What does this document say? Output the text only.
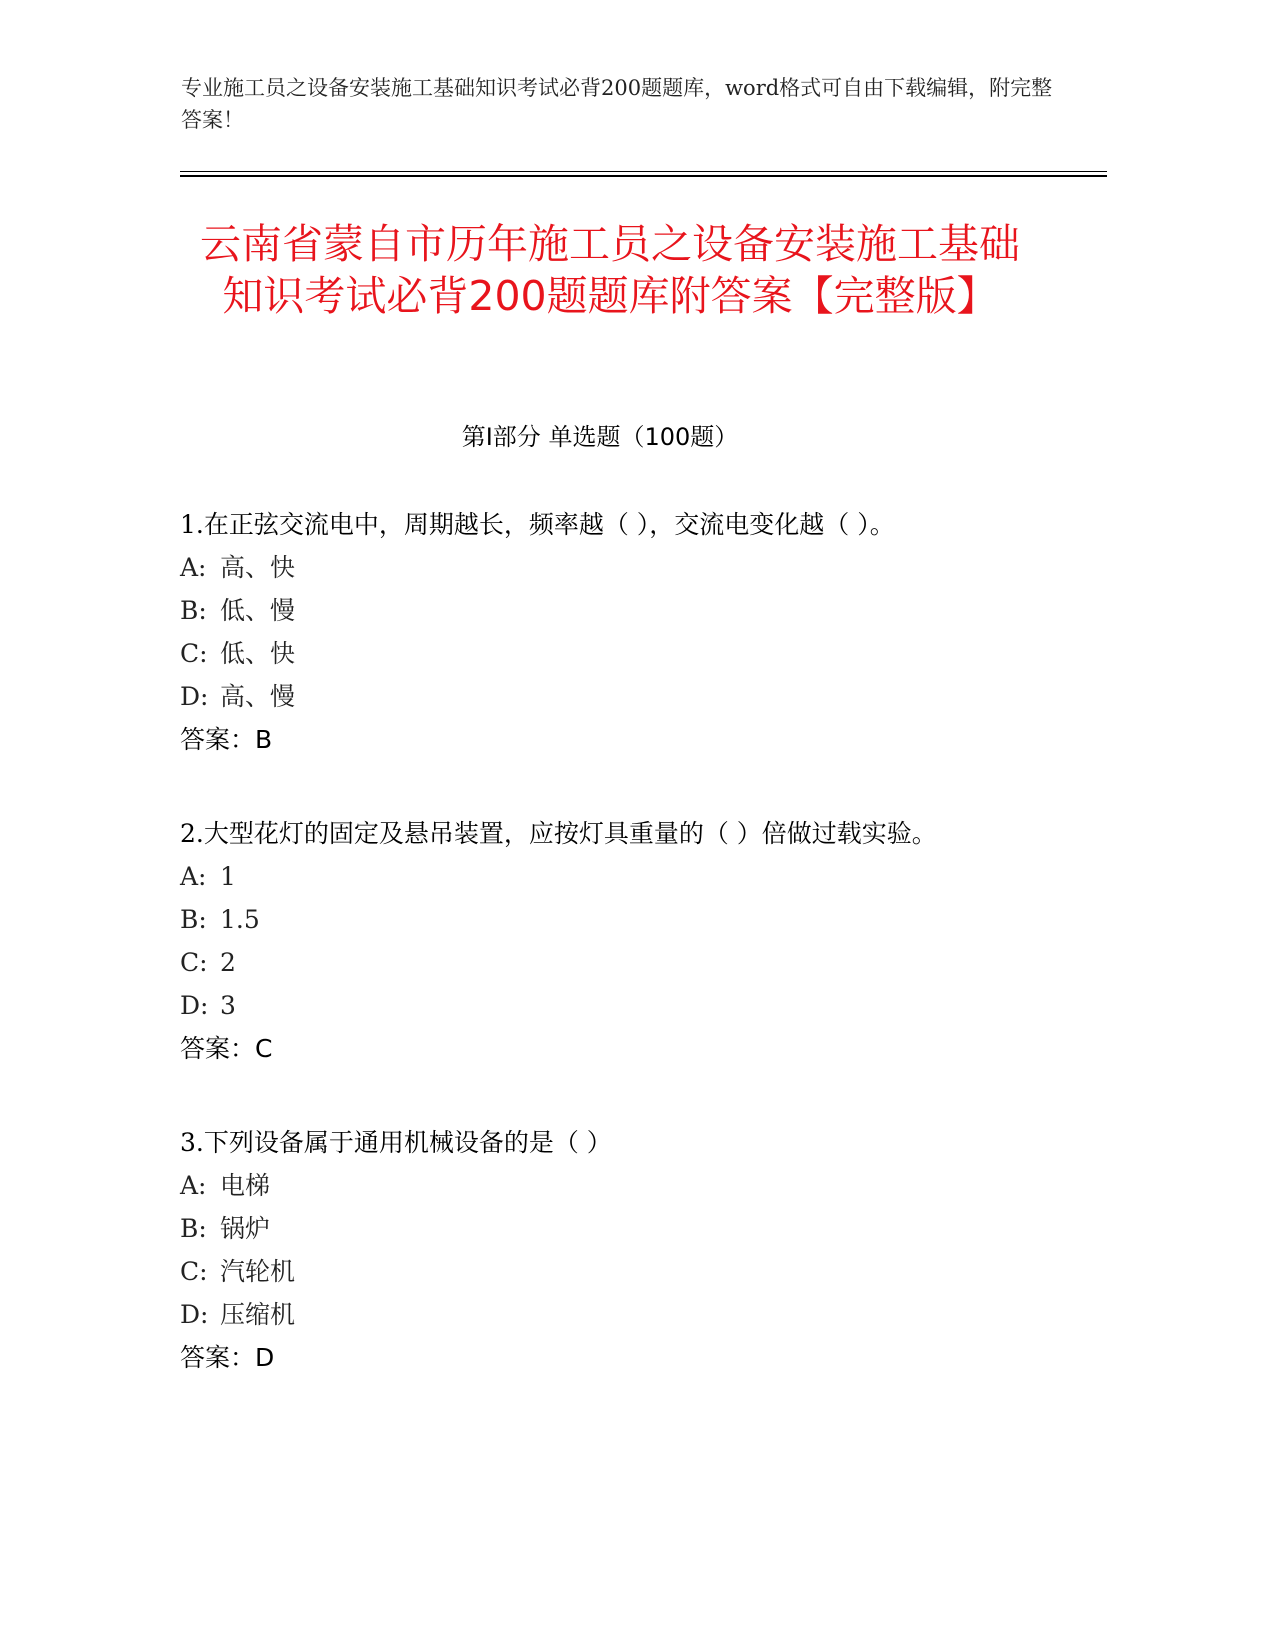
专业施工员之设备安装施工基础知识考试必背200题题库，word格式可自由下载编辑，附完整答案！
云南省蒙自市历年施工员之设备安装施工基础知识考试必背200题题库附答案【完整版】
第Ⅰ部分 单选题（100题）
1.在正弦交流电中，周期越长，频率越（ ），交流电变化越（ ）。
A: 高、快
B: 低、慢
C: 低、快
D: 高、慢
答案：B
2.大型花灯的固定及悬吊装置，应按灯具重量的（ ）倍做过载实验。
A: 1
B: 1.5
C: 2
D: 3
答案：C
3.下列设备属于通用机械设备的是（ ）
A: 电梯
B: 锅炉
C: 汽轮机
D: 压缩机
答案：D
